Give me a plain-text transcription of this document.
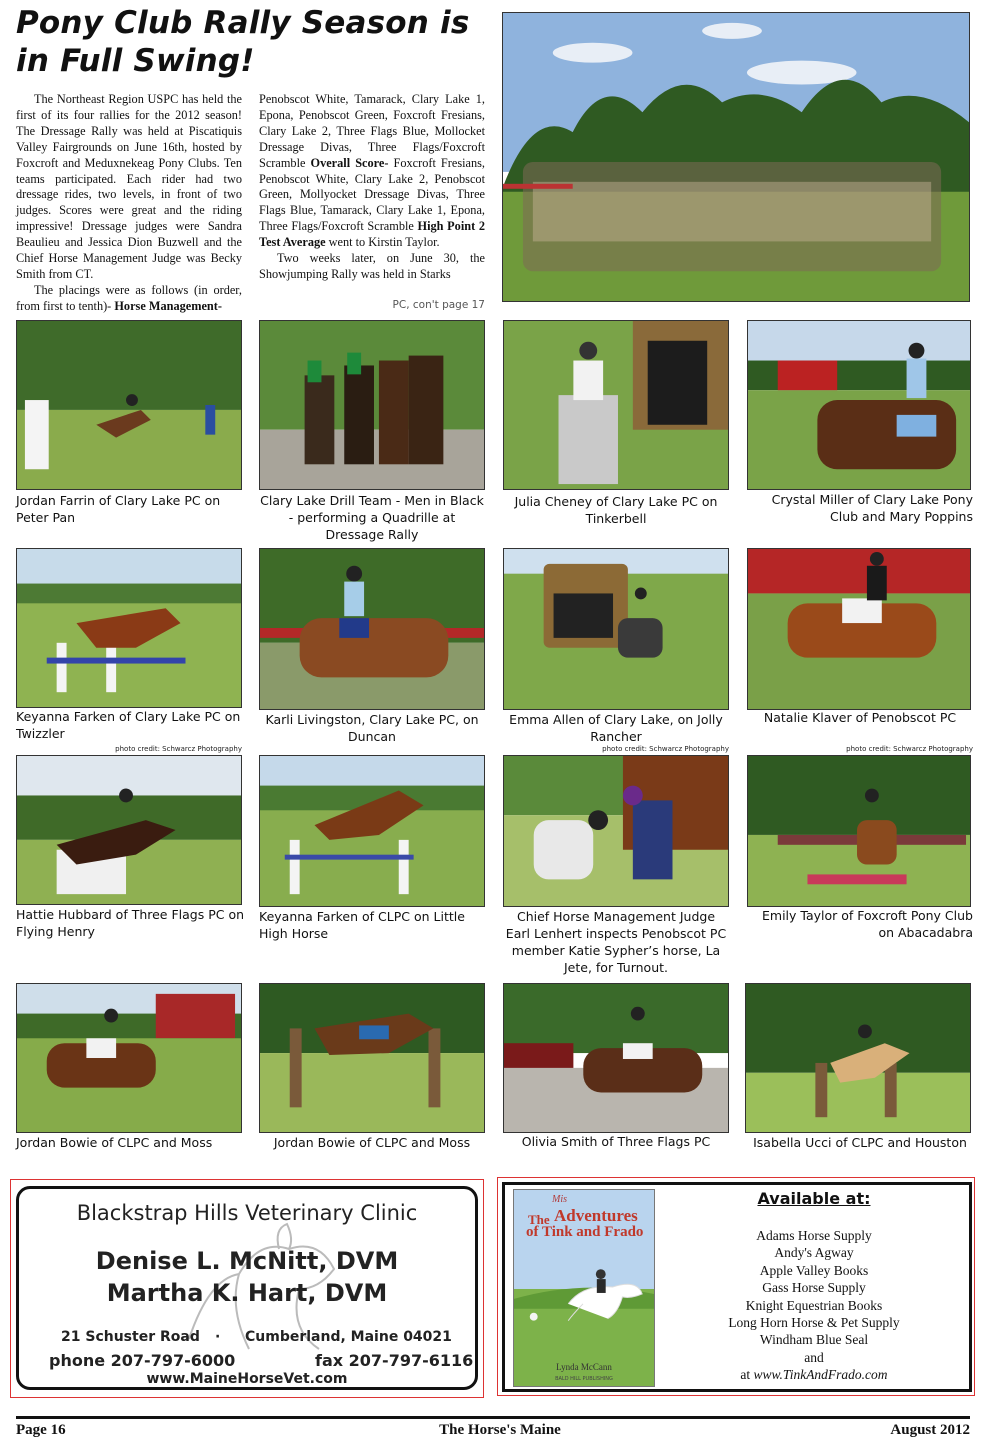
Pony Club Rally Season is in Full Swing!

The Northeast Region USPC has held the first of its four rallies for the 2012 season! The Dressage Rally was held at Piscatiquis Valley Fairgrounds on June 16th, hosted by Foxcroft and Meduxnekeag Pony Clubs. Ten teams participated. Each rider had two dressage rides, two levels, in front of two judges. Scores were great and the riding impressive! Dressage judges were Sandra Beaulieu and Jessica Dion Buzwell and the Chief Horse Management Judge was Becky Smith from CT.

The placings were as follows (in order, from first to tenth)- Horse Management-

Penobscot White, Tamarack, Clary Lake 1, Epona, Penobscot Green, Foxcroft Fresians, Clary Lake 2, Three Flags Blue, Mollocket Dressage Divas, Three Flags/Foxcroft Scramble Overall Score- Foxcroft Fresians, Penobscot White, Clary Lake 2, Penobscot Green, Mollyocket Dressage Divas, Three Flags Blue, Tamarack, Clary Lake 1, Epona, Three Flags/Foxcroft Scramble High Point 2 Test Average went to Kirstin Taylor.

Two weeks later, on June 30, the Showjumping Rally was held in Starks

PC, con't page 17
Jordan Farrin of Clary Lake PC on Peter Pan
Clary Lake Drill Team - Men in Black - performing a Quadrille at Dressage Rally
Julia Cheney of Clary Lake PC on Tinkerbell
Crystal Miller of Clary Lake Pony Club and Mary Poppins
Keyanna Farken of Clary Lake PC on Twizzler
Karli Livingston, Clary Lake PC, on Duncan
Emma Allen of Clary Lake, on Jolly Rancher
Natalie Klaver of Penobscot PC
photo credit: Schwarcz Photography	photo credit: Schwarcz Photography	photo credit: Schwarcz Photography
Hattie Hubbard of Three Flags PC on Flying Henry
Keyanna Farken of CLPC on Little High Horse
Chief Horse Management Judge Earl Lenhert inspects Penobscot PC member Katie Sypher’s horse, La Jete, for Turnout.
Emily Taylor of Foxcroft Pony Club on Abacadabra
Jordan Bowie of CLPC and Moss	Jordan Bowie of CLPC and Moss	Olivia Smith of Three Flags PC	Isabella Ucci of CLPC and Houston
Blackstrap Hills Veterinary Clinic
Denise L. McNitt, DVM
Martha K. Hart, DVM
21 Schuster Road · Cumberland, Maine 04021
phone 207-797-6000	fax 207-797-6116
www.MaineHorseVet.com
Mis
The Adventures
of Tink and Frado
Lynda McCann
BALD HILL PUBLISHING
Available at:
Adams Horse Supply
Andy's Agway
Apple Valley Books
Gass Horse Supply
Knight Equestrian Books
Long Horn Horse & Pet Supply
Windham Blue Seal
and
at www.TinkAndFrado.com
Page 16	The Horse's Maine	August 2012
